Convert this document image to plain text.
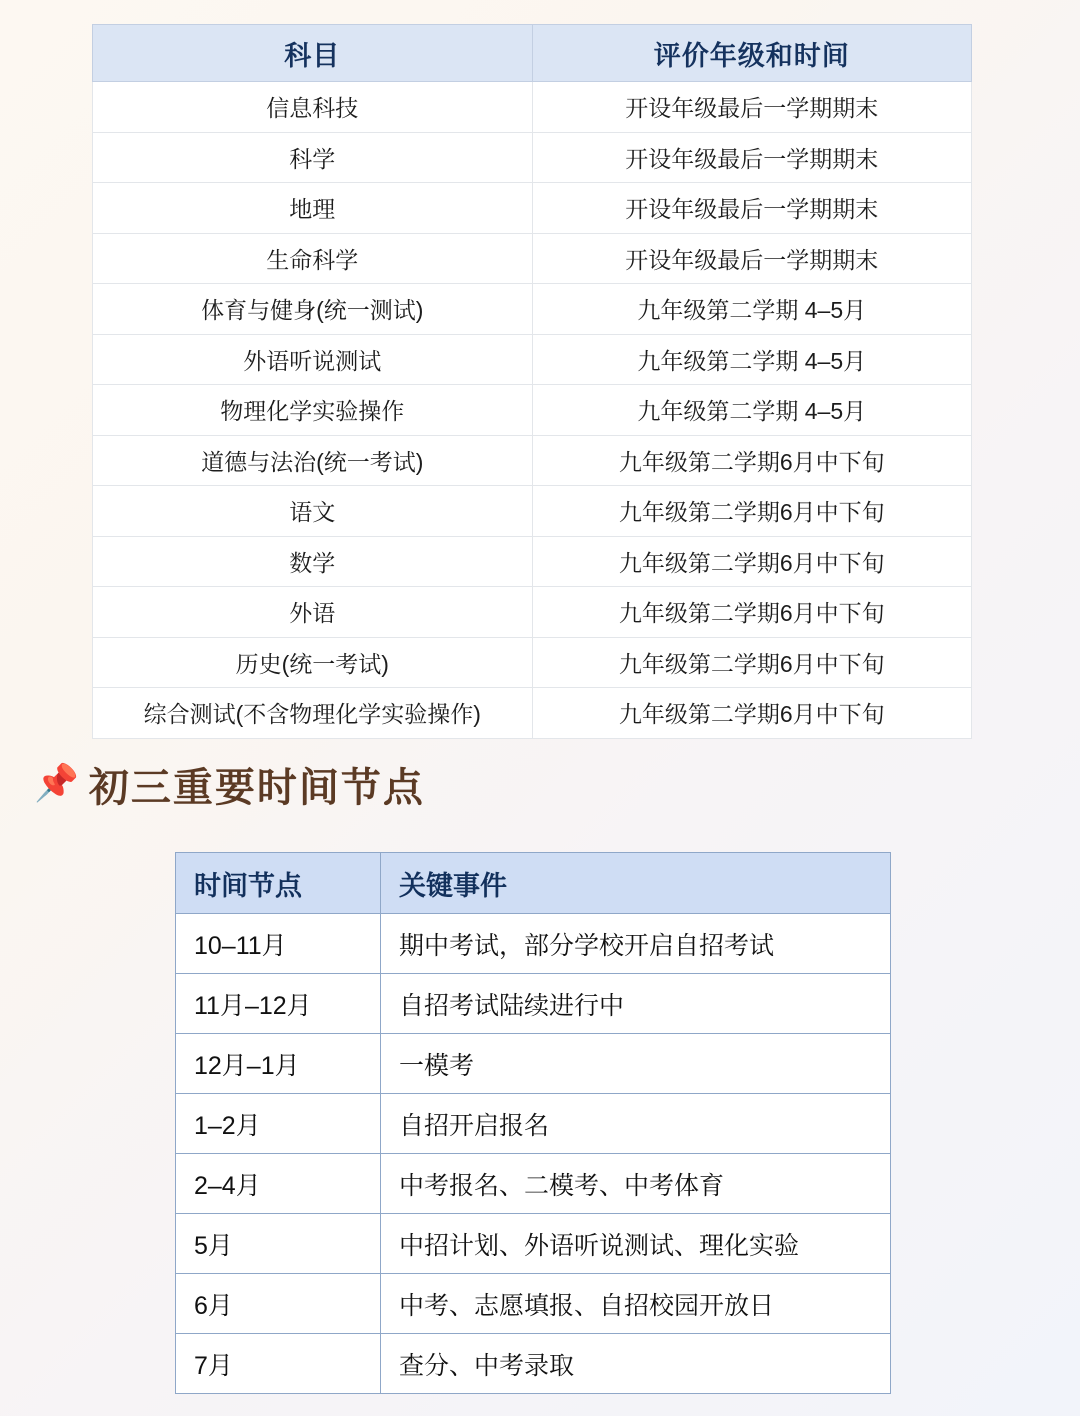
科目	评价年级和时间
信息科技	开设年级最后一学期期末
科学	开设年级最后一学期期末
地理	开设年级最后一学期期末
生命科学	开设年级最后一学期期末
体育与健身(统一测试)	九年级第二学期 4–5月
外语听说测试	九年级第二学期 4–5月
物理化学实验操作	九年级第二学期 4–5月
道德与法治(统一考试)	九年级第二学期6月中下旬
语文	九年级第二学期6月中下旬
数学	九年级第二学期6月中下旬
外语	九年级第二学期6月中下旬
历史(统一考试)	九年级第二学期6月中下旬
综合测试(不含物理化学实验操作)	九年级第二学期6月中下旬
📌 初三重要时间节点
时间节点	关键事件
10–11月	期中考试，部分学校开启自招考试
11月–12月	自招考试陆续进行中
12月–1月	一模考
1–2月	自招开启报名
2–4月	中考报名、二模考、中考体育
5月	中招计划、外语听说测试、理化实验
6月	中考、志愿填报、自招校园开放日
7月	查分、中考录取
